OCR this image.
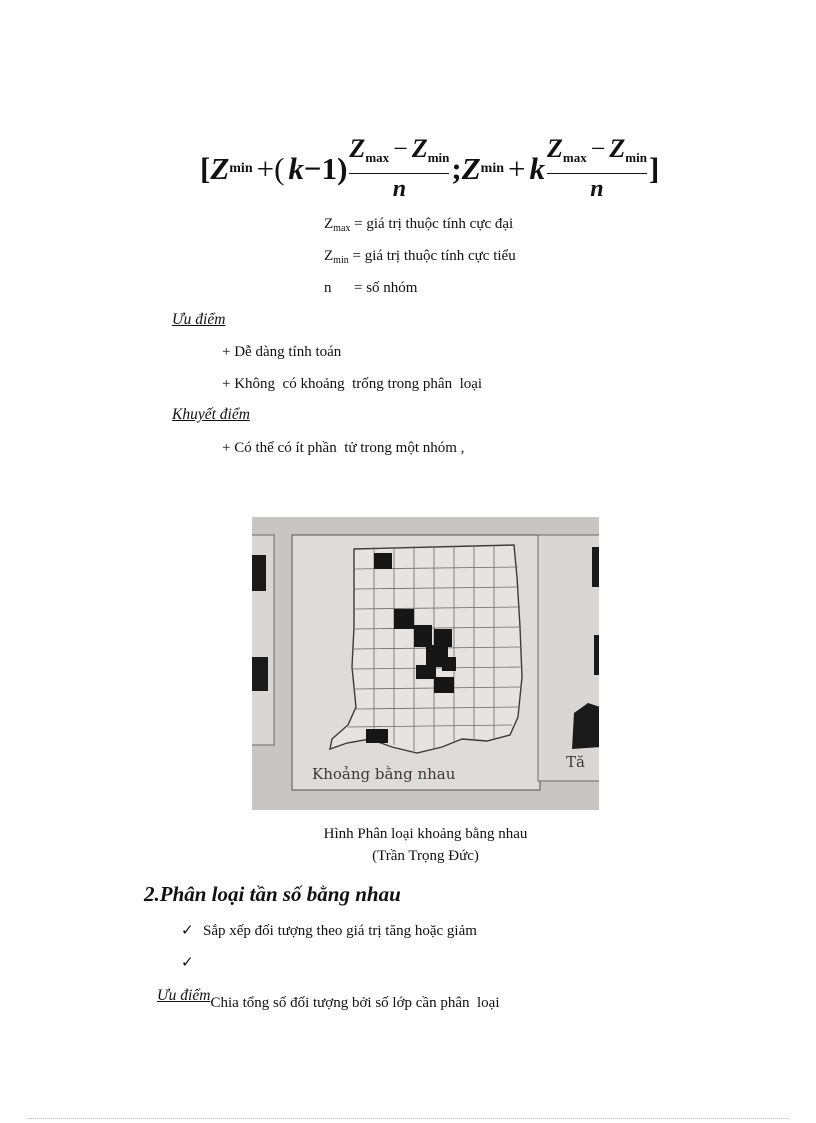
[ Z min +( $k -1) \frac{Z_{max} - Z_{min}}{n}$ ; Z min + k $\frac{Z_{max} - Z_{min}}{n}$ ]
$Z_{max}$ = giá trị thuộc tính cực đại
$Z_{min}$ = giá trị thuộc tính cực tiểu
n      = số nhóm
Ưu điểm
+ Dễ dàng tính toán
+ Không  có khoảng  trống trong phân  loại
Khuyết điểm
+ Có thể có ít phần  tử trong một nhóm ,
Khoảng bằng nhau
Tă
Hình Phân loại khoảng bằng nhau
(Trần Trọng Đức)
2.Phân loại tần số bằng nhau
✓ Sắp xếp đối tượng theo giá trị tăng hoặc giảm

✓

Chia tổng số đối tượng bởi số lớp cần phân  loại

Ưu điểm
